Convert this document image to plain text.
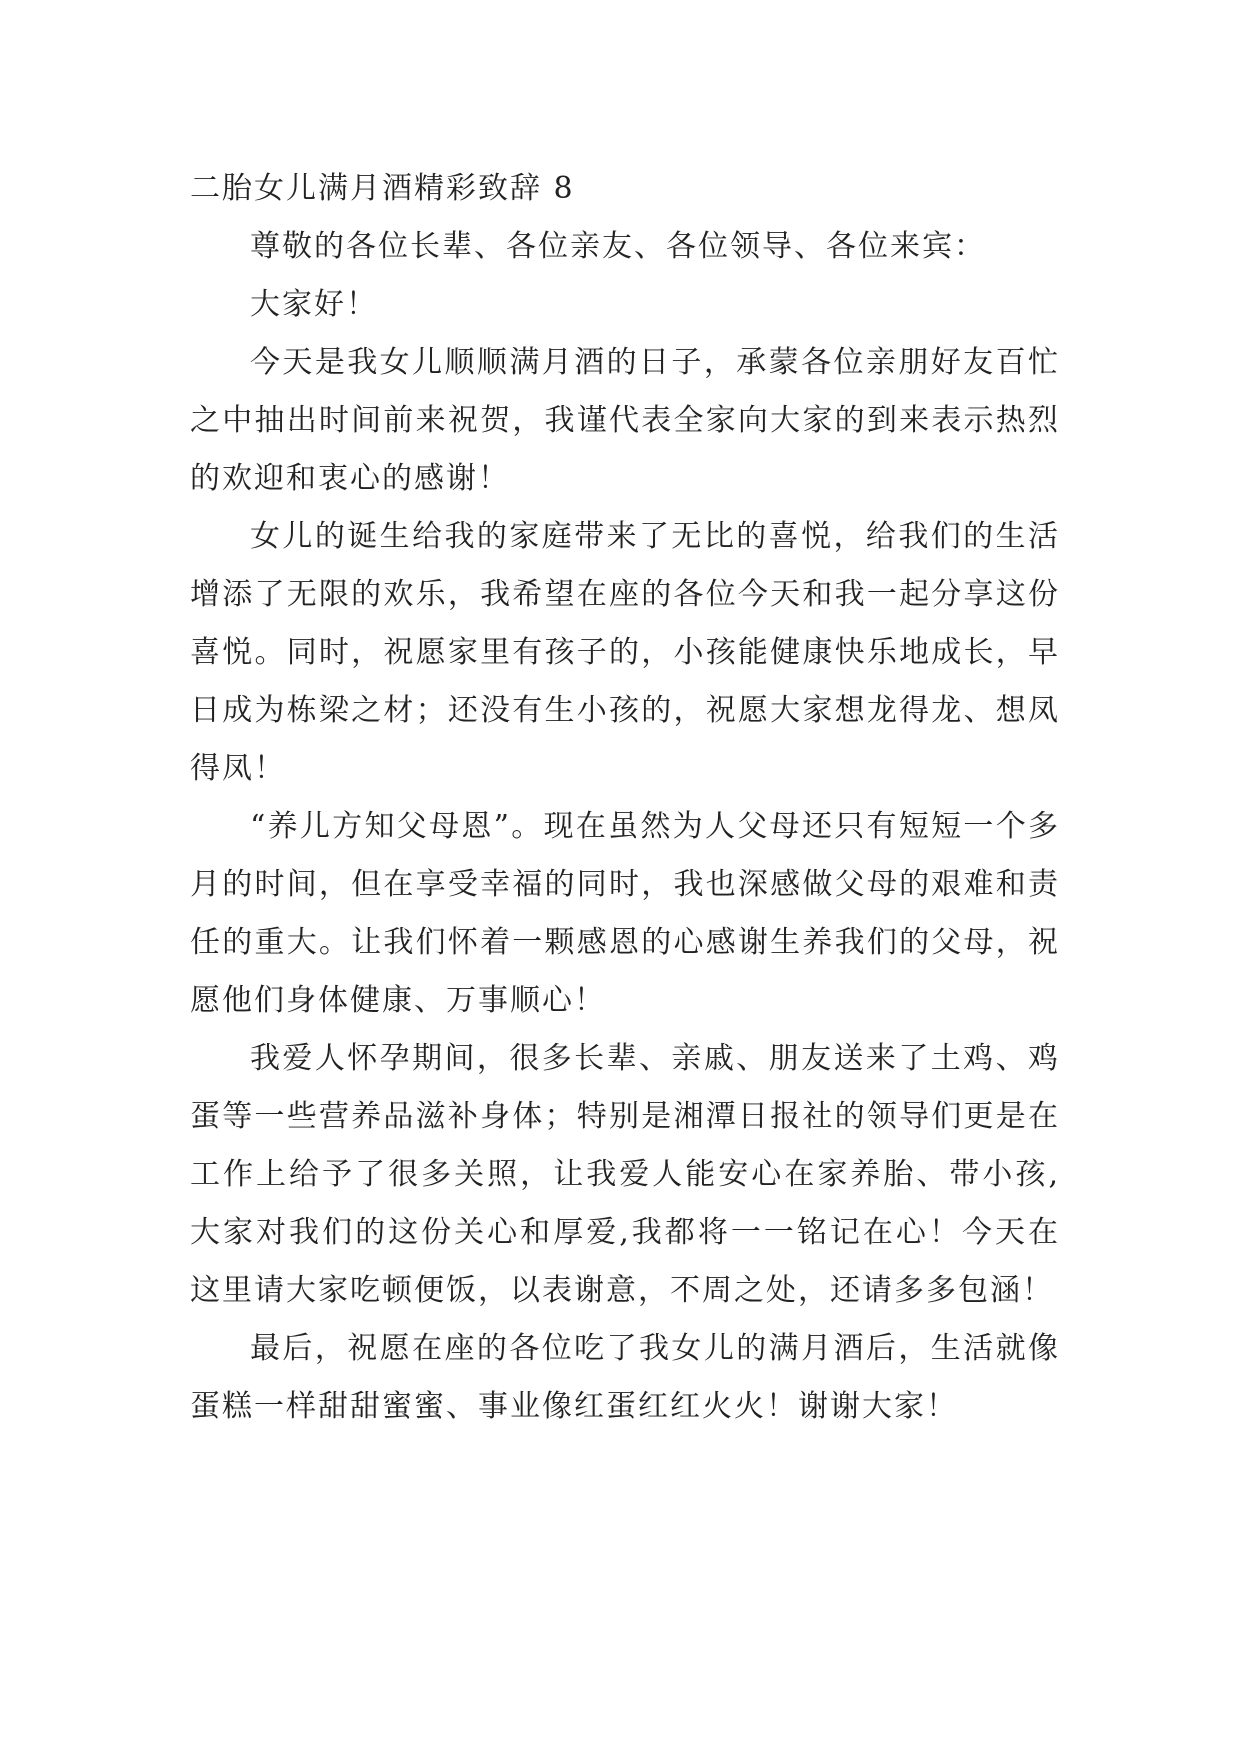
二胎女儿满月酒精彩致辞 8

尊敬的各位长辈、各位亲友、各位领导、各位来宾：

大家好！

今天是我女儿顺顺满月酒的日子，承蒙各位亲朋好友百忙之中抽出时间前来祝贺，我谨代表全家向大家的到来表示热烈的欢迎和衷心的感谢！

女儿的诞生给我的家庭带来了无比的喜悦，给我们的生活增添了无限的欢乐，我希望在座的各位今天和我一起分享这份喜悦。同时，祝愿家里有孩子的，小孩能健康快乐地成长，早日成为栋梁之材；还没有生小孩的，祝愿大家想龙得龙、想凤得凤！

“养儿方知父母恩”。现在虽然为人父母还只有短短一个多月的时间，但在享受幸福的同时，我也深感做父母的艰难和责任的重大。让我们怀着一颗感恩的心感谢生养我们的父母，祝愿他们身体健康、万事顺心！

我爱人怀孕期间，很多长辈、亲戚、朋友送来了土鸡、鸡蛋等一些营养品滋补身体；特别是湘潭日报社的领导们更是在工作上给予了很多关照，让我爱人能安心在家养胎、带小孩,大家对我们的这份关心和厚爱,我都将一一铭记在心！今天在这里请大家吃顿便饭，以表谢意，不周之处，还请多多包涵！

最后，祝愿在座的各位吃了我女儿的满月酒后，生活就像蛋糕一样甜甜蜜蜜、事业像红蛋红红火火！谢谢大家！
